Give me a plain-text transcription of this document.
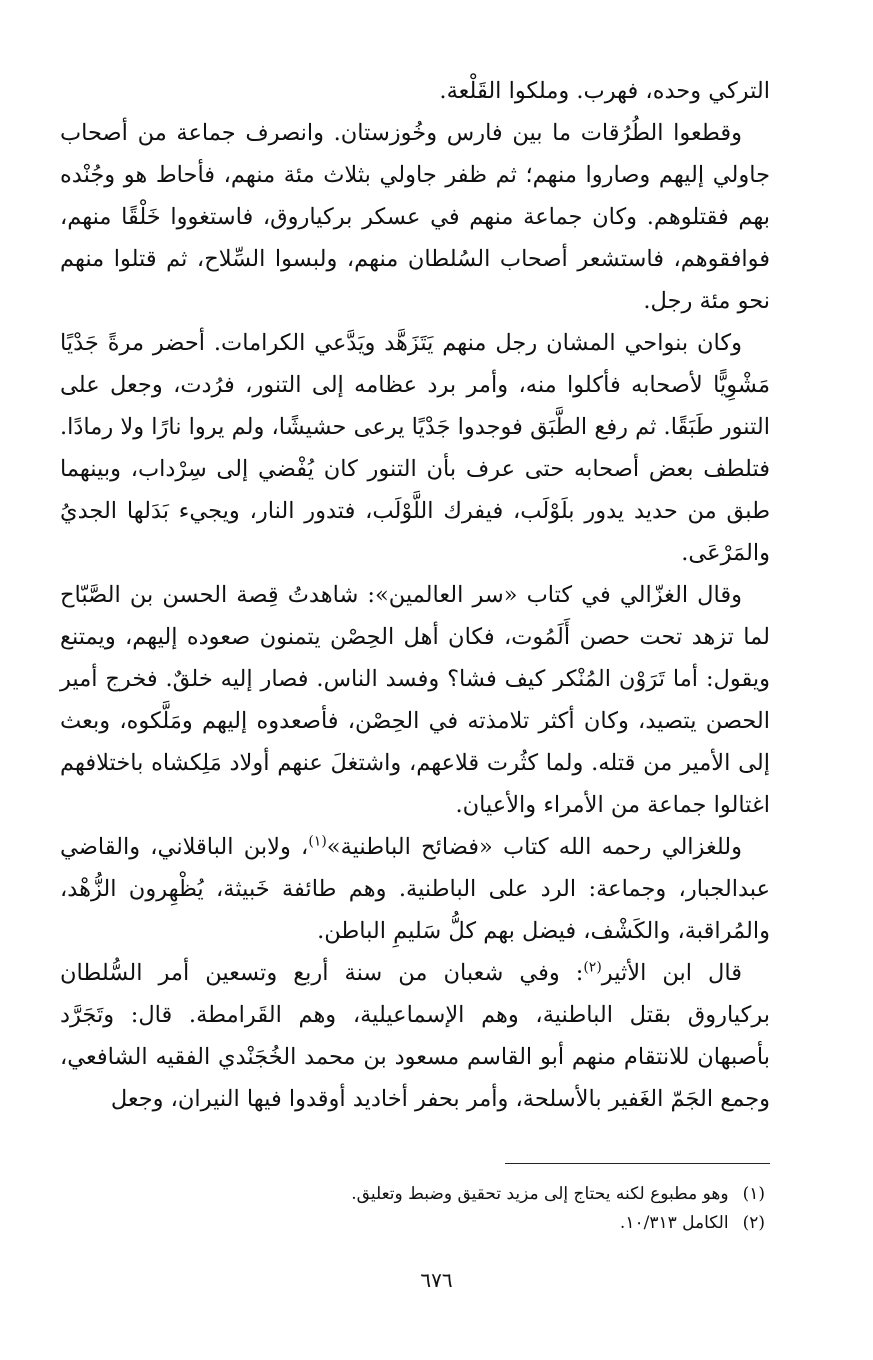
التركي وحده، فهرب. وملكوا القَلْعة.

وقطعوا الطُرُقات ما بين فارس وخُوزستان. وانصرف جماعة من أصحاب جاولي إليهم وصاروا منهم؛ ثم ظفر جاولي بثلاث مئة منهم، فأحاط هو وجُنْده بهم فقتلوهم. وكان جماعة منهم في عسكر بركياروق، فاستغووا خَلْقًا منهم، فوافقوهم، فاستشعر أصحاب السُلطان منهم، ولبسوا السِّلاح، ثم قتلوا منهم نحو مئة رجل.

وكان بنواحي المشان رجل منهم يَتَزَهَّد ويَدَّعي الكرامات. أحضر مرةً جَدْيًا مَشْوِيًّا لأصحابه فأكلوا منه، وأمر برد عظامه إلى التنور، فرُدت، وجعل على التنور طَبَقًا. ثم رفع الطَّبَق فوجدوا جَدْيًا يرعى حشيشًا، ولم يروا نارًا ولا رمادًا. فتلطف بعض أصحابه حتى عرف بأن التنور كان يُفْضي إلى سِرْداب، وبينهما طبق من حديد يدور بلَوْلَب، فيفرك اللَّوْلَب، فتدور النار، ويجيء بَدَلها الجديُ والمَرْعَى.

وقال الغزّالي في كتاب «سر العالمين»: شاهدتُ قِصة الحسن بن الصَّبّاح لما تزهد تحت حصن أَلَمُوت، فكان أهل الحِصْن يتمنون صعوده إليهم، ويمتنع ويقول: أما تَرَوْن المُنْكر كيف فشا؟ وفسد الناس. فصار إليه خلقٌ. فخرج أمير الحصن يتصيد، وكان أكثر تلامذته في الحِصْن، فأصعدوه إليهم ومَلَّكوه، وبعث إلى الأمير من قتله. ولما كثُرت قلاعهم، واشتغلَ عنهم أولاد مَلِكشاه باختلافهم اغتالوا جماعة من الأمراء والأعيان.

وللغزالي رحمه الله كتاب «فضائح الباطنية»$^{(١)}$، ولابن الباقلاني، والقاضي عبدالجبار، وجماعة: الرد على الباطنية. وهم طائفة خَبيثة، يُظْهِرون الزُّهْد، والمُراقبة، والكَشْف، فيضل بهم كلُّ سَليمِ الباطن.

قال ابن الأثير$^{(٢)}$: وفي شعبان من سنة أربع وتسعين أمر السُّلطان بركياروق بقتل الباطنية، وهم الإسماعيلية، وهم القَرامطة. قال: وتَجَرَّد بأصبهان للانتقام منهم أبو القاسم مسعود بن محمد الخُجَنْدي الفقيه الشافعي، وجمع الجَمّ الغَفير بالأسلحة، وأمر بحفر أخاديد أوقدوا فيها النيران، وجعل

(١)
وهو مطبوع لكنه يحتاج إلى مزيد تحقيق وضبط وتعليق.
(٢)
الكامل ١٠/٣١٣.
٦٧٦
